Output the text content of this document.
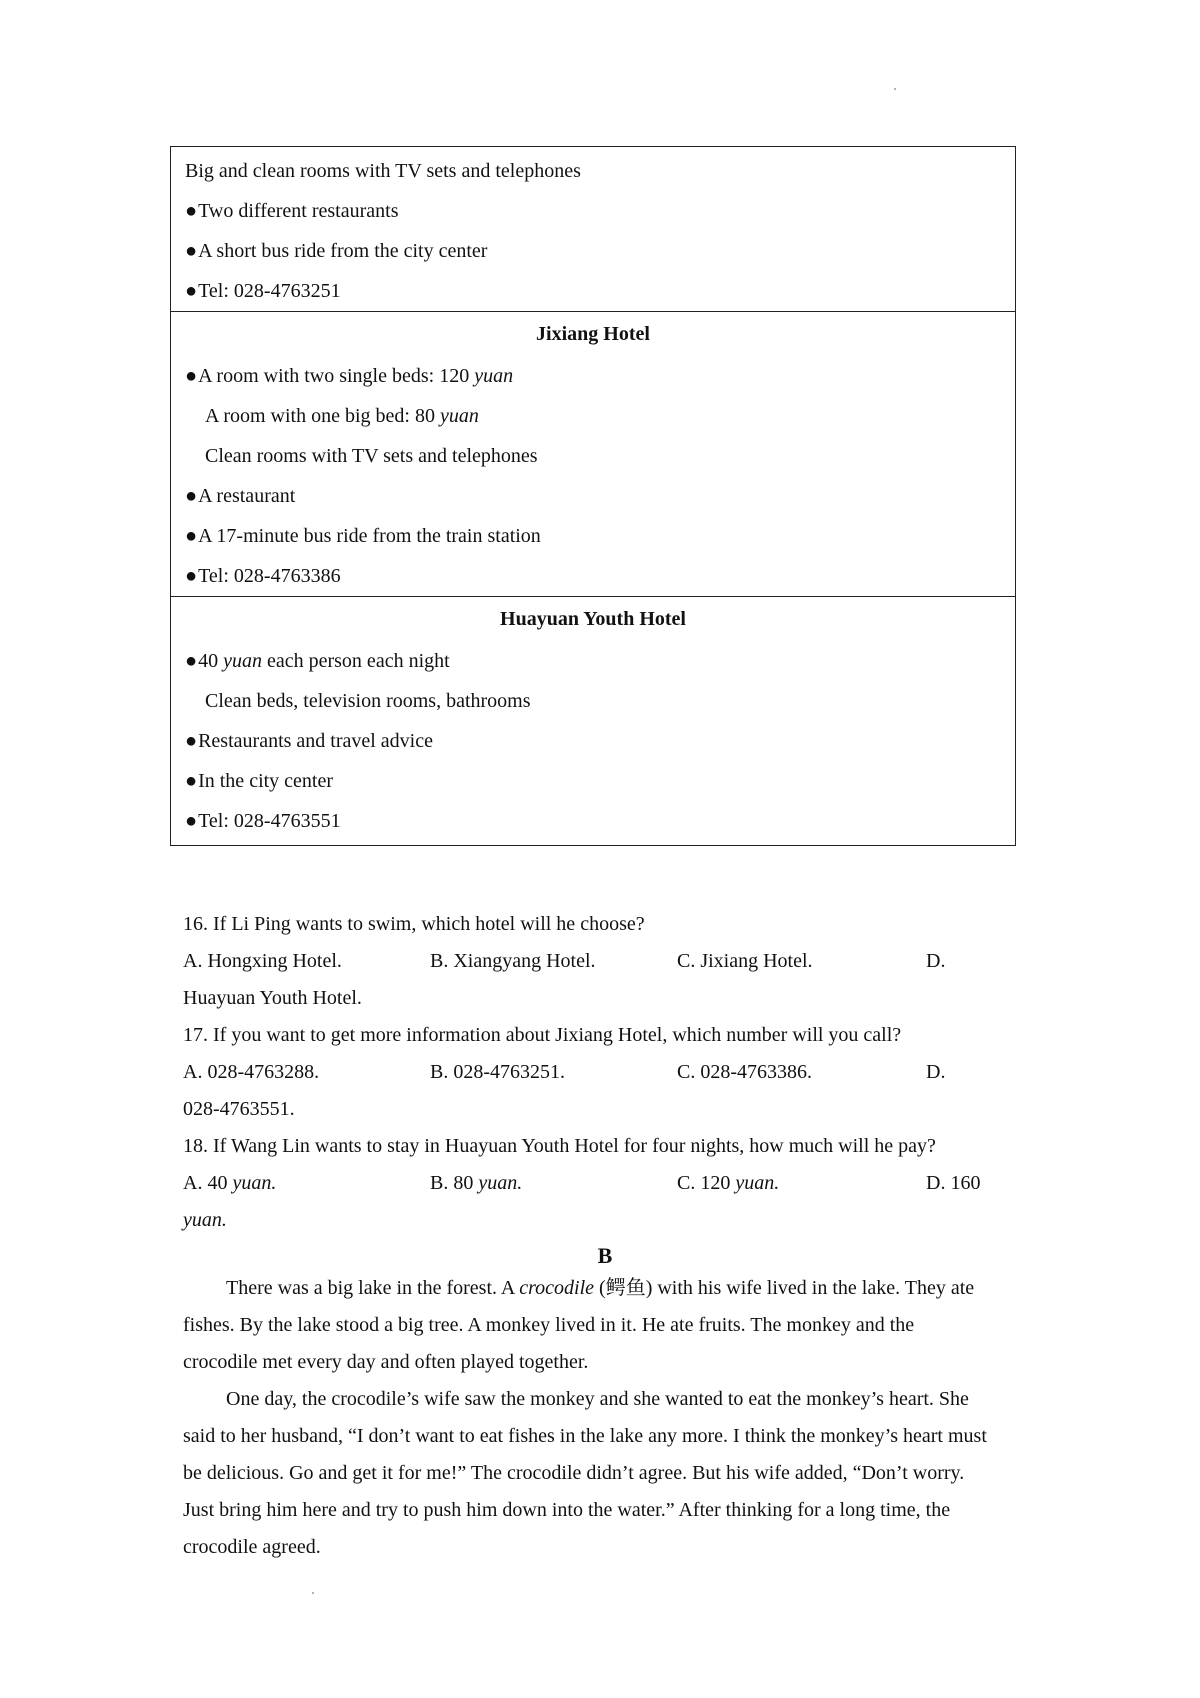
Big and clean rooms with TV sets and telephones
●Two different restaurants
●A short bus ride from the city center
●Tel: 028-4763251
Jixiang Hotel
●A room with two single beds: 120 yuan
A room with one big bed: 80 yuan
Clean rooms with TV sets and telephones
●A restaurant
●A 17-minute bus ride from the train station
●Tel: 028-4763386
Huayuan Youth Hotel
●40 yuan each person each night
Clean beds, television rooms, bathrooms
●Restaurants and travel advice
●In the city center
●Tel: 028-4763551
16. If Li Ping wants to swim, which hotel will he choose?
A. Hongxing Hotel.	B. Xiangyang Hotel.	C. Jixiang Hotel.	D.
Huayuan Youth Hotel.
17. If you want to get more information about Jixiang Hotel, which number will you call?
A. 028-4763288.	B. 028-4763251.	C. 028-4763386.	D.
028-4763551.
18. If Wang Lin wants to stay in Huayuan Youth Hotel for four nights, how much will he pay?
A. 40 yuan.	B. 80 yuan.	C. 120 yuan.	D. 160
yuan.
B
There was a big lake in the forest. A crocodile (鳄鱼) with his wife lived in the lake. They ate
fishes. By the lake stood a big tree. A monkey lived in it. He ate fruits. The monkey and the
crocodile met every day and often played together.
One day, the crocodile’s wife saw the monkey and she wanted to eat the monkey’s heart. She
said to her husband, “I don’t want to eat fishes in the lake any more. I think the monkey’s heart must
be delicious. Go and get it for me!” The crocodile didn’t agree. But his wife added, “Don’t worry.
Just bring him here and try to push him down into the water.” After thinking for a long time, the
crocodile agreed.
